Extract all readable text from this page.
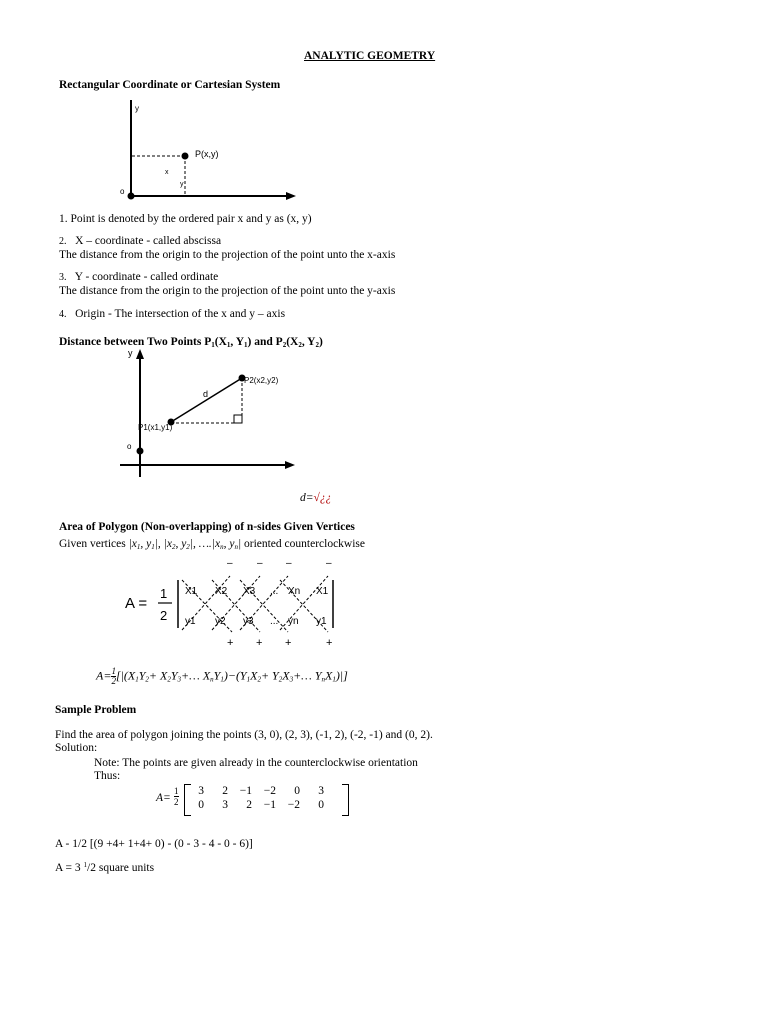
ANALYTIC GEOMETRY
Rectangular Coordinate or Cartesian System
y
o
P(x,y)
x
y
1. Point is denoted by the ordered pair x and y as (x, y)
2. X – coordinate - called abscissa
The distance from the origin to the projection of the point unto the x-axis
3. Y - coordinate - called ordinate
The distance from the origin to the projection of the point unto the y-axis
4. Origin - The intersection of the x and y – axis
Distance between Two Points $P_1(X_1$, $Y_1$) and $P_2(X_2$, $Y_2$)
y
o
P1(x1,y1)
P2(x2,y2)
d
d=√¿¿
Area of Polygon (Non-overlapping) of n-sides Given Vertices
Given vertices $|x_1$, $y_1|$, $|x_2$, $y_2|$, $\dots.|x_n$, $y_n|$ oriented counterclockwise
A =
1
2
– – –	–
X1 X2 X3 ... Xn X1
y1 y2 y3 ... yn y1
+ + +	+
$A= \frac{1}{2} [|(X_1Y_2+$ $X_2Y_3+\dots$ $X_nY_1)-(Y_1X_2+$ $Y_2X_3+\dots$ $Y_nX_1)|$]
Sample Problem
Find the area of polygon joining the points (3, 0), (2, 3), (-1, 2), (-2, -1) and (0, 2).
Solution:
Note: The points are given already in the counterclockwise orientation
Thus:
A=
1
2
3	2	−1	−2	0	3
0	3	2	−1	−2	0
A - 1/2 [(9 +4+ 1+4+ 0) - (0 - 3 - 4 - 0 - 6)]
A = 3 $^1$/2 square units
